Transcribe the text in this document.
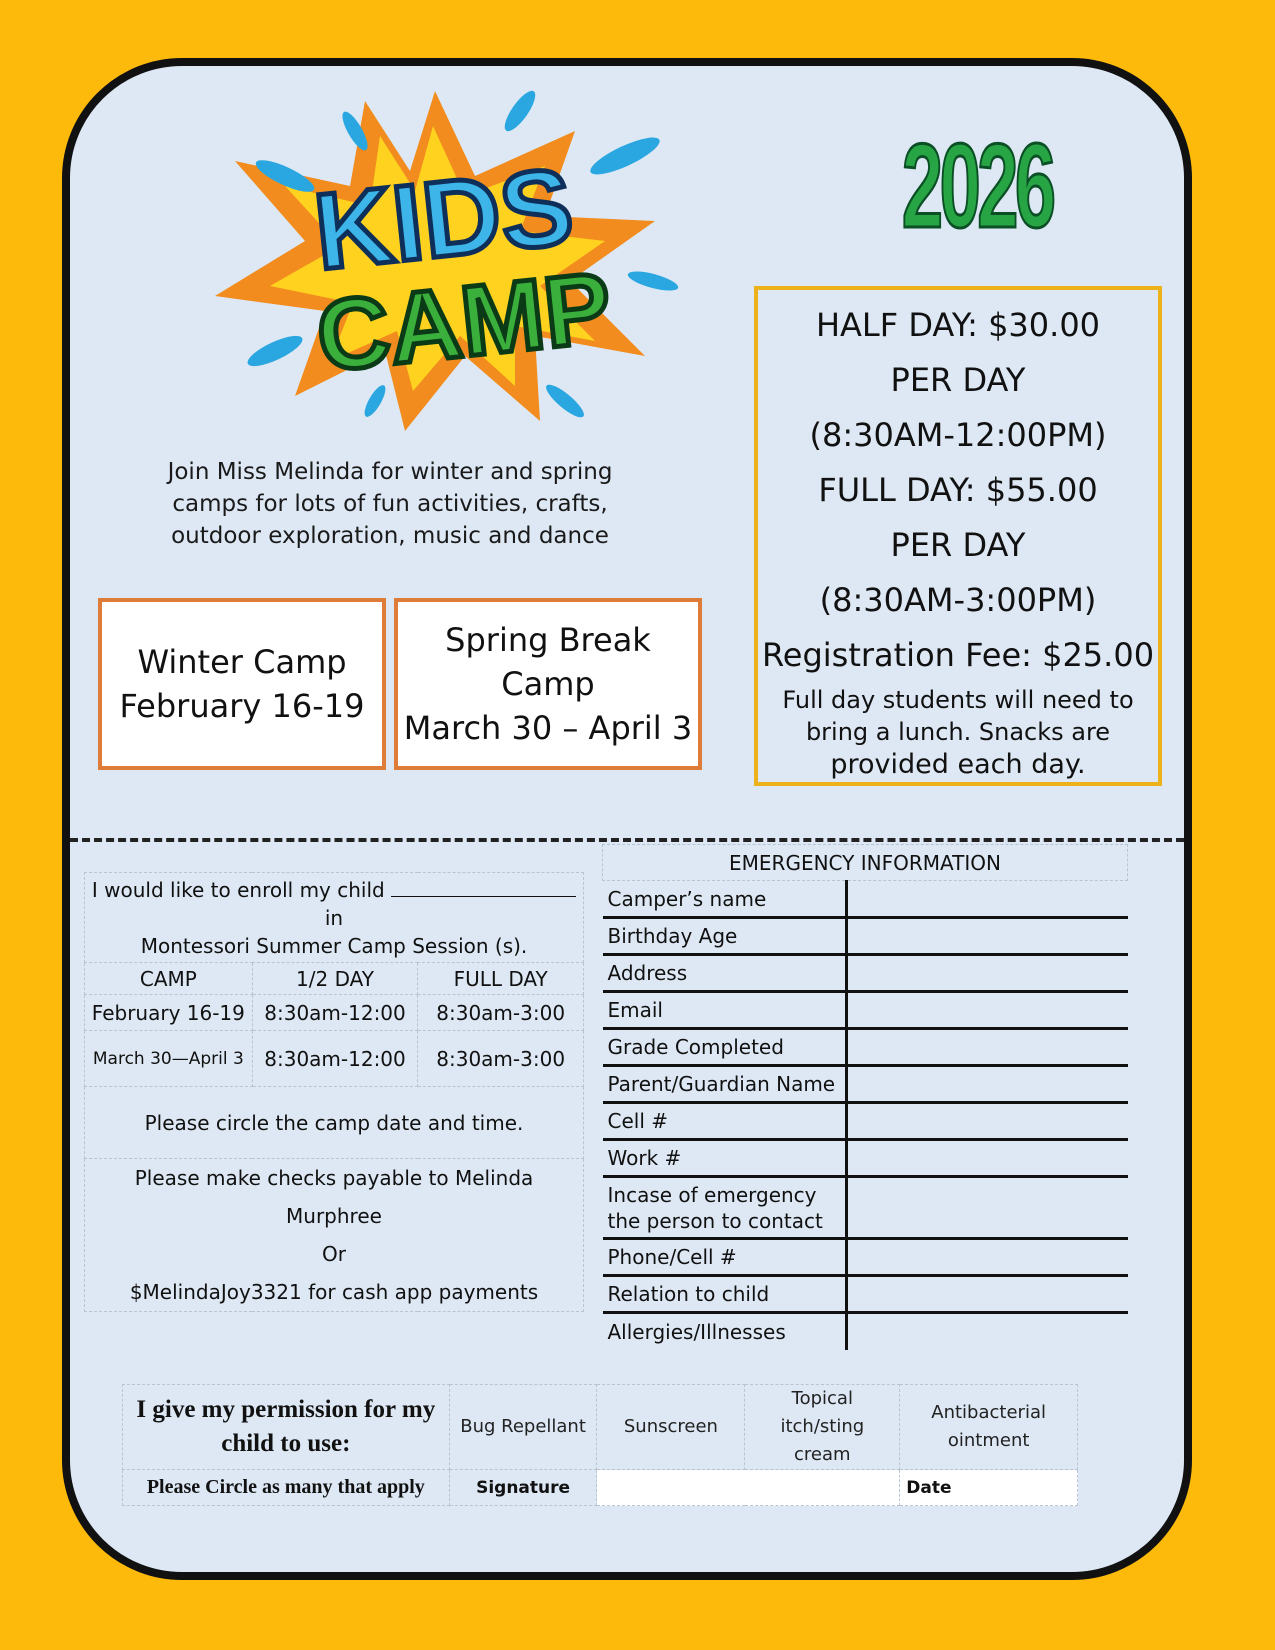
KIDS
CAMP
2026
Join Miss Melinda for winter and spring camps for lots of fun activities, crafts, outdoor exploration, music and dance
Winter Camp
February 16-19
Spring Break Camp
March 30 – April 3
HALF DAY: $30.00
PER DAY
(8:30AM-12:00PM)
FULL DAY: $55.00
PER DAY
(8:30AM-3:00PM)
Registration Fee: $25.00
Full day students will need to bring a lunch. Snacks are
provided each day.
I would like to enroll my child  in
Montessori Summer Camp Session (s).		
CAMP	1/2 DAY	FULL DAY
February 16-19	8:30am-12:00	8:30am-3:00
March 30—April 3	8:30am-12:00	8:30am-3:00
Please circle the camp date and time.		

Please make checks payable to Melinda Murphree
Or
$MelindaJoy3321 for cash app payments		
EMERGENCY INFORMATION	
Camper’s name	
Birthday Age	
Address	
Email	
Grade Completed	
Parent/Guardian Name	
Cell #	
Work #	
Incase of emergency the person to contact	
Phone/Cell #	
Relation to child	
Allergies/Illnesses	
I give my permission for my child to use:	Bug Repellant	Sunscreen	Topical itch/sting cream	Antibacterial ointment
Please Circle as many that apply	Signature			Date
